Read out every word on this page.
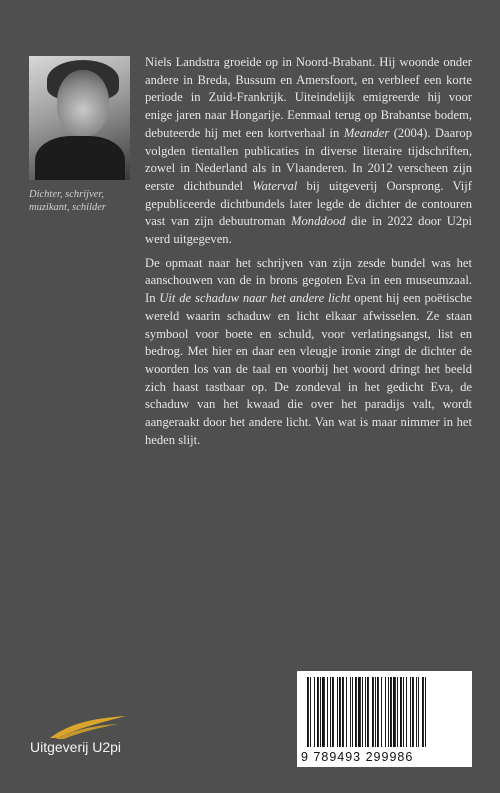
Dichter, schrijver, muzikant, schilder

Niels Landstra groeide op in Noord-Brabant. Hij woonde onder andere in Breda, Bussum en Amersfoort, en verbleef een korte periode in Zuid-Frankrijk. Uiteindelijk emigreerde hij voor enige jaren naar Hongarije. Eenmaal terug op Brabantse bodem, debuteerde hij met een kortverhaal in Meander (2004). Daarop volgden tientallen publicaties in diverse literaire tijdschriften, zowel in Nederland als in Vlaanderen. In 2012 verscheen zijn eerste dichtbundel Waterval bij uitgeverij Oorsprong. Vijf gepubliceerde dichtbundels later legde de dichter de contouren vast van zijn debuutroman Monddood die in 2022 door U2pi werd uitgegeven.

De opmaat naar het schrijven van zijn zesde bundel was het aanschouwen van de in brons gegoten Eva in een museumzaal. In Uit de schaduw naar het andere licht opent hij een poëtische wereld waarin schaduw en licht elkaar afwisselen. Ze staan symbool voor boete en schuld, voor verlatingsangst, list en bedrog. Met hier en daar een vleugje ironie zingt de dichter de woorden los van de taal en voorbij het woord dringt het beeld zich haast tastbaar op. De zondeval in het gedicht Eva, de schaduw van het kwaad die over het paradijs valt, wordt aangeraakt door het andere licht. Van wat is maar nimmer in het heden slijt.

Uitgeverij U2pi
9 789493 299986
